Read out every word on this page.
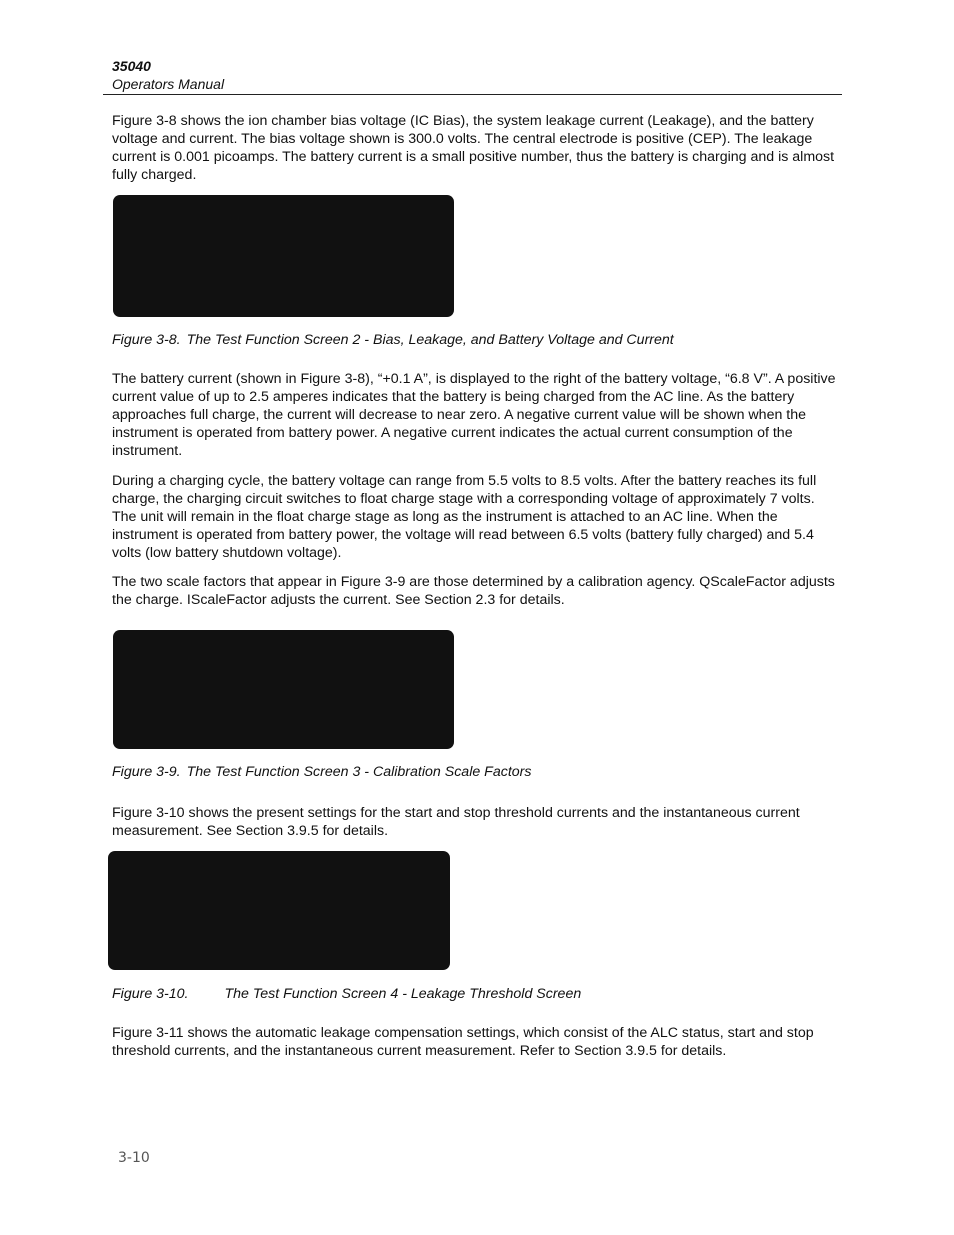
35040
Operators Manual

Figure 3-8 shows the ion chamber bias voltage (IC Bias), the system leakage current (Leakage), and the battery voltage and current. The bias voltage shown is 300.0 volts. The central electrode is positive (CEP). The leakage current is 0.001 picoamps. The battery current is a small positive number, thus the battery is charging and is almost fully charged.

Figure 3-8. The Test Function Screen 2 - Bias, Leakage, and Battery Voltage and Current

The battery current (shown in Figure 3-8), “+0.1 A”, is displayed to the right of the battery voltage, “6.8 V”. A positive current value of up to 2.5 amperes indicates that the battery is being charged from the AC line. As the battery approaches full charge, the current will decrease to near zero. A negative current value will be shown when the instrument is operated from battery power. A negative current indicates the actual current consumption of the instrument.

During a charging cycle, the battery voltage can range from 5.5 volts to 8.5 volts. After the battery reaches its full charge, the charging circuit switches to float charge stage with a corresponding voltage of approximately 7 volts. The unit will remain in the float charge stage as long as the instrument is attached to an AC line. When the instrument is operated from battery power, the voltage will read between 6.5 volts (battery fully charged) and 5.4 volts (low battery shutdown voltage).

The two scale factors that appear in Figure 3-9 are those determined by a calibration agency. QScaleFactor adjusts the charge. IScaleFactor adjusts the current. See Section 2.3 for details.

Figure 3-9. The Test Function Screen 3 - Calibration Scale Factors

Figure 3-10 shows the present settings for the start and stop threshold currents and the instantaneous current measurement. See Section 3.9.5 for details.

Figure 3-10.	The Test Function Screen 4 - Leakage Threshold Screen

Figure 3-11 shows the automatic leakage compensation settings, which consist of the ALC status, start and stop threshold currents, and the instantaneous current measurement. Refer to Section 3.9.5 for details.

3-10
